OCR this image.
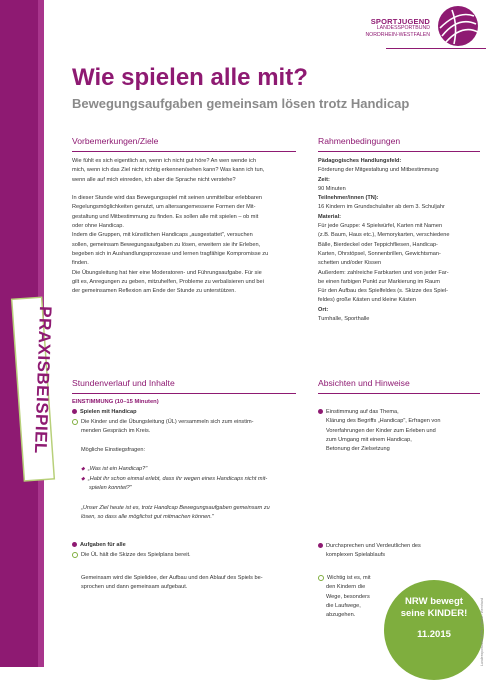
SPORTJUGEND
LANDESSPORTBUND
NORDRHEIN-WESTFALEN
Wie spielen alle mit?
Bewegungsaufgaben gemeinsam lösen trotz Handicap
Vorbemerkungen/Ziele

Wie fühlt es sich eigentlich an, wenn ich nicht gut höre? An wen wende ich

mich, wenn ich das Ziel nicht richtig erkennen/sehen kann? Was kann ich tun,

wenn alle auf mich einreden, ich aber die Sprache nicht verstehe?

In dieser Stunde wird das Bewegungsspiel mit seinen unmittelbar erlebbaren

Regelungsmöglichkeiten genutzt, um altersangemessene Formen der Mit-

gestaltung und Mitbestimmung zu finden. Es sollen alle mit spielen – ob mit

oder ohne Handicap.

Indem die Gruppen, mit künstlichen Handicaps „ausgestattet", versuchen

sollen, gemeinsam Bewegungsaufgaben zu lösen, erweitern sie ihr Erleben,

begeben sich in Aushandlungsprozesse und lernen tragfähige Kompromisse zu

finden.

Die Übungsleitung hat hier eine Moderatoren- und Führungsaufgabe. Für sie

gilt es, Anregungen zu geben, mitzuhelfen, Probleme zu verbalisieren und bei

der gemeinsamen Reflexion am Ende der Stunde zu unterstützen.

Rahmenbedingungen

Pädagogisches Handlungsfeld:

Förderung der Mitgestaltung und Mitbestimmung

Zeit:

90 Minuten

Teilnehmer/innen (TN):

16 Kindern im Grundschulalter ab dem 3. Schuljahr

Material:

Für jede Gruppe: 4 Spielwürfel, Karten mit Namen

(z.B. Baum, Haus etc.), Memorykarten, verschiedene

Bälle, Bierdeckel oder Teppichfliesen, Handicap-

Karten, Ohrstöpsel, Sonnenbrillen, Gewichtsman-

schetten und/oder Kissen

Außerdem: zahlreiche Farbkarten und von jeder Far-

be einen farbigen Punkt zur Markierung im Raum

Für den Aufbau des Spielfeldes (s. Skizze des Spiel-

feldes) große Kästen und kleine Kästen

Ort:

Turnhalle, Sporthalle

PRAXISBEISPIEL Stundenverlauf und Inhalte
EINSTIMMUNG (10–15 Minuten)
Spielen mit Handicap
Die Kinder und die Übungsleitung (ÜL) versammeln sich zum einstim-
menden Gespräch im Kreis.
Mögliche Einstiegsfragen:
◆ „Was ist ein Handicap?"
◆ „Habt ihr schon einmal erlebt, dass ihr wegen eines Handicaps nicht mit-
spielen konntet?"
„Unser Ziel heute ist es, trotz Handicap Bewegungsaufgaben gemeinsam zu
lösen, so dass alle möglichst gut mitmachen können."
Aufgaben für alle
Die ÜL hält die Skizze des Spielplans bereit.
Gemeinsam wird die Spielidee, der Aufbau und den Ablauf des Spiels be-
sprochen und dann gemeinsam aufgebaut.
Absichten und Hinweise
Einstimmung auf das Thema,
Klärung des Begriffs „Handicap", Erfragen von
Vorerfahrungen der Kinder zum Erleben und
zum Umgang mit einem Handicap,
Betonung der Zielsetzung
Durchsprechen und Verdeutlichen des
komplexen Spielablaufs
Wichtig ist es, mit
den Kindern die
Wege, besonders
die Laufwege,
abzugehen.
NRW bewegt
seine KINDER!
11.2015	Landessportbund NRW / Fotolia / Wernhard
